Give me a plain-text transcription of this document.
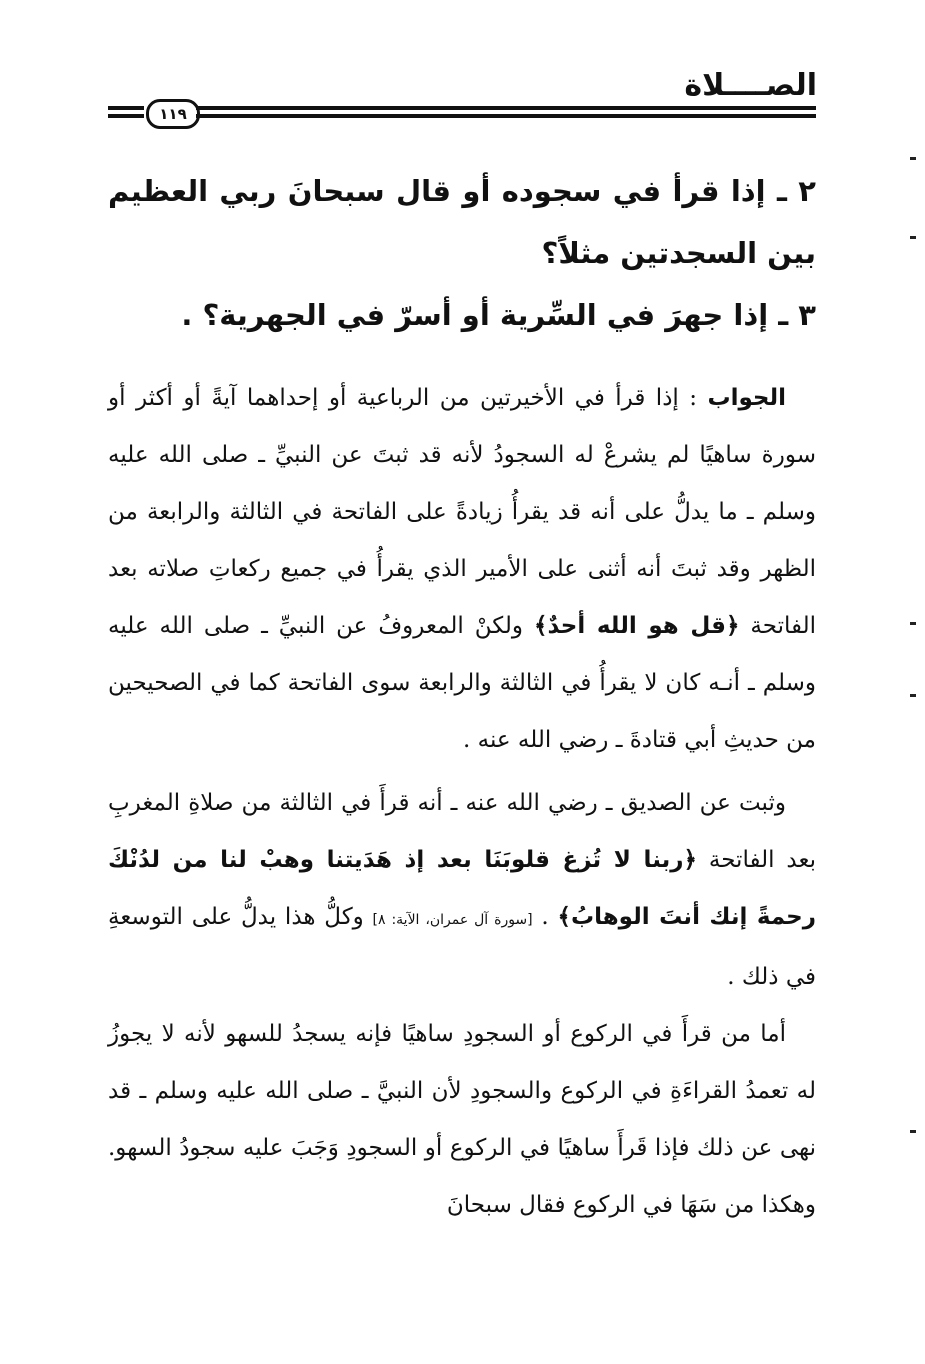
الصــــلاة
١١٩

٢ ـ إذا قرأ في سجوده أو قال سبحانَ ربي العظيم بين السجدتين مثلاً؟

٣ ـ إذا جهرَ في السِّرية أو أسرّ في الجهرية؟ .

الجواب : إذا قرأ في الأخيرتين من الرباعية أو إحداهما آيةً أو أكثر أو سورة ساهيًا لم يشرعْ له السجودُ لأنه قد ثبتَ عن النبيِّ ـ صلى الله عليه وسلم ـ ما يدلُّ على أنه قد يقرأُ زيادةً على الفاتحة في الثالثة والرابعة من الظهر وقد ثبتَ أنه أثنى على الأمير الذي يقرأُ في جميع ركعاتِ صلاته بعد الفاتحة ﴿قل هو الله أحدٌ﴾ ولكنْ المعروفُ عن النبيِّ ـ صلى الله عليه وسلم ـ أنـه كان لا يقرأُ في الثالثة والرابعة سوى الفاتحة كما في الصحيحين من حديثِ أبي قتادةَ ـ رضي الله عنه .

وثبت عن الصديق ـ رضي الله عنه ـ أنه قرأَ في الثالثة من صلاةِ المغربِ بعد الفاتحة ﴿ربنا لا تُزغ قلوبَنَا بعد إذ هَدَيتنا وهبْ لنا من لدُنْكَ رحمةً إنك أنتَ الوهابُ﴾ . [سورة آل عمران، الآية: ٨] وكلُّ هذا يدلُّ على التوسعةِ في ذلك .

أما من قرأَ في الركوع أو السجودِ ساهيًا فإنه يسجدُ للسهو لأنه لا يجوزُ له تعمدُ القراءَةِ في الركوع والسجودِ لأن النبيَّ ـ صلى الله عليه وسلم ـ قد نهى عن ذلك فإذا قَرأَ ساهيًا في الركوع أو السجودِ وَجَبَ عليه سجودُ السهو. وهكذا من سَهَا في الركوع فقال سبحانَ
